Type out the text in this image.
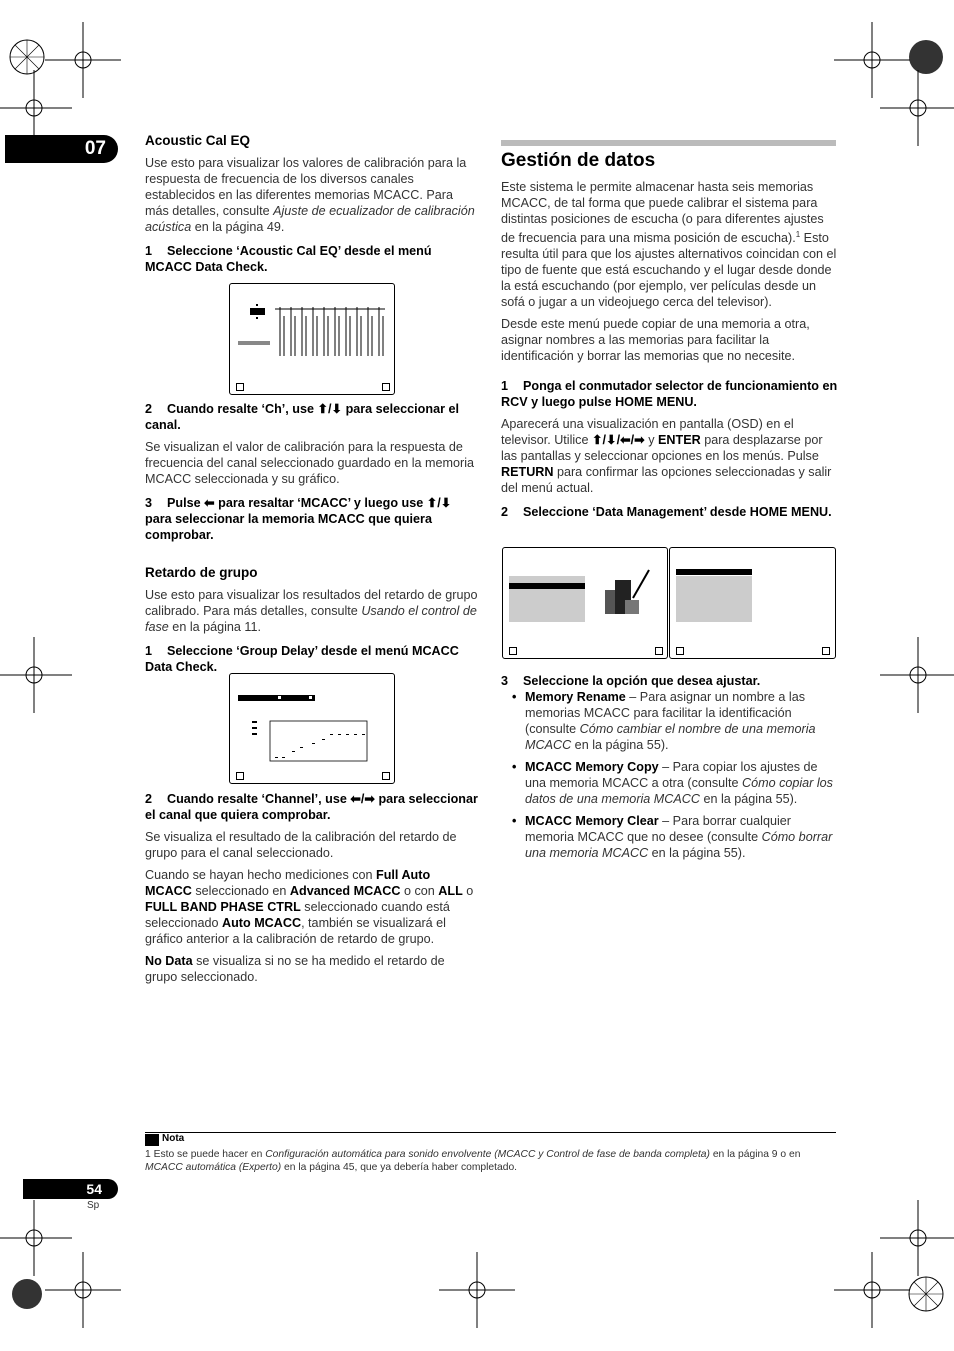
07	Acoustic Cal EQ

Use esto para visualizar los valores de calibración para la respuesta de frecuencia de los diversos canales establecidos en las diferentes memorias MCACC. Para más detalles, consulte Ajuste de ecualizador de calibración acústica en la página 49.

1 Seleccione ‘Acoustic Cal EQ’ desde el menú MCACC Data Check.

2 Cuando resalte ‘Ch’, use ⬆/⬇ para seleccionar el canal.

Se visualizan el valor de calibración para la respuesta de frecuencia del canal seleccionado guardado en la memoria MCACC seleccionada y su gráfico.

3 Pulse ⬅ para resaltar ‘MCACC’ y luego use ⬆/⬇ para seleccionar la memoria MCACC que quiera comprobar.

Retardo de grupo

Use esto para visualizar los resultados del retardo de grupo calibrado. Para más detalles, consulte Usando el control de fase en la página 11.

1 Seleccione ‘Group Delay’ desde el menú MCACC Data Check.

2 Cuando resalte ‘Channel’, use ⬅/➡ para seleccionar el canal que quiera comprobar.

Se visualiza el resultado de la calibración del retardo de grupo para el canal seleccionado.

Cuando se hayan hecho mediciones con Full Auto MCACC seleccionado en Advanced MCACC o con ALL o FULL BAND PHASE CTRL seleccionado cuando está seleccionado Auto MCACC, también se visualizará el gráfico anterior a la calibración de retardo de grupo.

No Data se visualiza si no se ha medido el retardo de grupo seleccionado.

Gestión de datos

Este sistema le permite almacenar hasta seis memorias MCACC, de tal forma que puede calibrar el sistema para distintas posiciones de escucha (o para diferentes ajustes de frecuencia para una misma posición de escucha).$^1$ Esto resulta útil para que los ajustes alternativos coincidan con el tipo de fuente que está escuchando y el lugar desde donde la está escuchando (por ejemplo, ver películas desde un sofá o jugar a un videojuego cerca del televisor).

Desde este menú puede copiar de una memoria a otra, asignar nombres a las memorias para facilitar la identificación y borrar las memorias que no necesite.

1 Ponga el conmutador selector de funcionamiento en RCV y luego pulse HOME MENU.

Aparecerá una visualización en pantalla (OSD) en el televisor. Utilice ⬆/⬇/⬅/➡ y ENTER para desplazarse por las pantallas y seleccionar opciones en los menús. Pulse RETURN para confirmar las opciones seleccionadas y salir del menú actual.

2 Seleccione ‘Data Management’ desde HOME MENU.

3 Seleccione la opción que desea ajustar.

• Memory Rename – Para asignar un nombre a las memorias MCACC para facilitar la identificación (consulte Cómo cambiar el nombre de una memoria MCACC en la página 55).
• MCACC Memory Copy – Para copiar los ajustes de una memoria MCACC a otra (consulte Cómo copiar los datos de una memoria MCACC en la página 55).
• MCACC Memory Clear – Para borrar cualquier memoria MCACC que no desee (consulte Cómo borrar una memoria MCACC en la página 55).
Nota
1 Esto se puede hacer en Configuración automática para sonido envolvente (MCACC y Control de fase de banda completa) en la página 9 o en MCACC automática (Experto) en la página 45, que ya debería haber completado.
54
Sp
